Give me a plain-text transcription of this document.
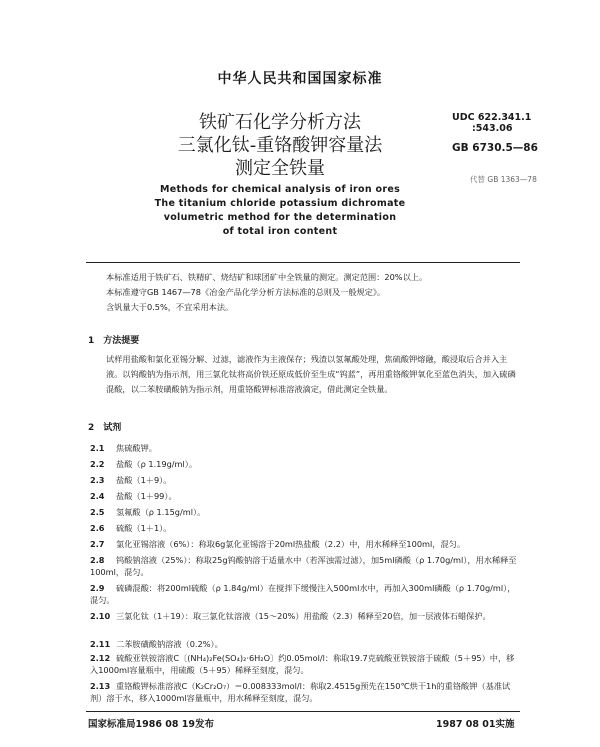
中华人民共和国国家标准
铁矿石化学分析方法
三氯化钛-重铬酸钾容量法
测定全铁量
UDC 622.341.1
:543.06
GB 6730.5—86
代替 GB 1363—78
Methods for chemical analysis of iron ores
The titanium chloride potassium dichromate
volumetric method for the determination
of total iron content
本标准适用于铁矿石、铁精矿、烧结矿和球团矿中全铁量的测定。测定范围：20%以上。
本标准遵守GB 1467—78《冶金产品化学分析方法标准的总则及一般规定》。
含钒量大于0.5%，不宜采用本法。
1　方法提要
试样用盐酸和氯化亚锡分解、过滤，滤液作为主液保存；残渣以氢氟酸处理，焦硫酸钾熔融，酸浸取后合并入主液。以钨酸钠为指示剂，用三氯化钛将高价铁还原成低价至生成“钨蓝”，再用重铬酸钾氧化至蓝色消失，加入硫磷混酸，以二苯胺磺酸钠为指示剂，用重铬酸钾标准溶液滴定，借此测定全铁量。
2　试剂
2.1 焦硫酸钾。
2.2 盐酸（ρ 1.19g/ml）。
2.3 盐酸（1＋9）。
2.4 盐酸（1＋99）。
2.5 氢氟酸（ρ 1.15g/ml）。
2.6 硫酸（1＋1）。
2.7 氯化亚锡溶液（6%）：称取6g氯化亚锡溶于20ml热盐酸（2.2）中，用水稀释至100ml，混匀。
2.8 钨酸钠溶液（25%）：称取25g钨酸钠溶于适量水中（若浑浊需过滤），加5ml磷酸（ρ 1.70g/ml），用水稀释至100ml，混匀。
2.9 硫磷混酸：将200ml硫酸（ρ 1.84g/ml）在搅拌下缓慢注入500ml水中，再加入300ml磷酸（ρ 1.70g/ml），混匀。
2.10 三氯化钛（1＋19）：取三氯化钛溶液（15～20%）用盐酸（2.3）稀释至20倍，加一层液体石蜡保护。
2.11 二苯胺磺酸钠溶液（0.2%）。
2.12 硫酸亚铁铵溶液C〔(NH₄)₂Fe(SO₄)₂·6H₂O〕约0.05mol/l：称取19.7克硫酸亚铁铵溶于硫酸（5＋95）中，移入1000ml容量瓶中，用硫酸（5＋95）稀释至刻度，混匀。
2.13 重铬酸钾标准溶液C（K₂Cr₂O₇）＝0.008333mol/l：称取2.4515g预先在150℃烘干1h的重铬酸钾（基准试剂）溶于水，移入1000ml容量瓶中，用水稀释至刻度，混匀。
国家标准局1986 08 19发布	1987 08 01实施
